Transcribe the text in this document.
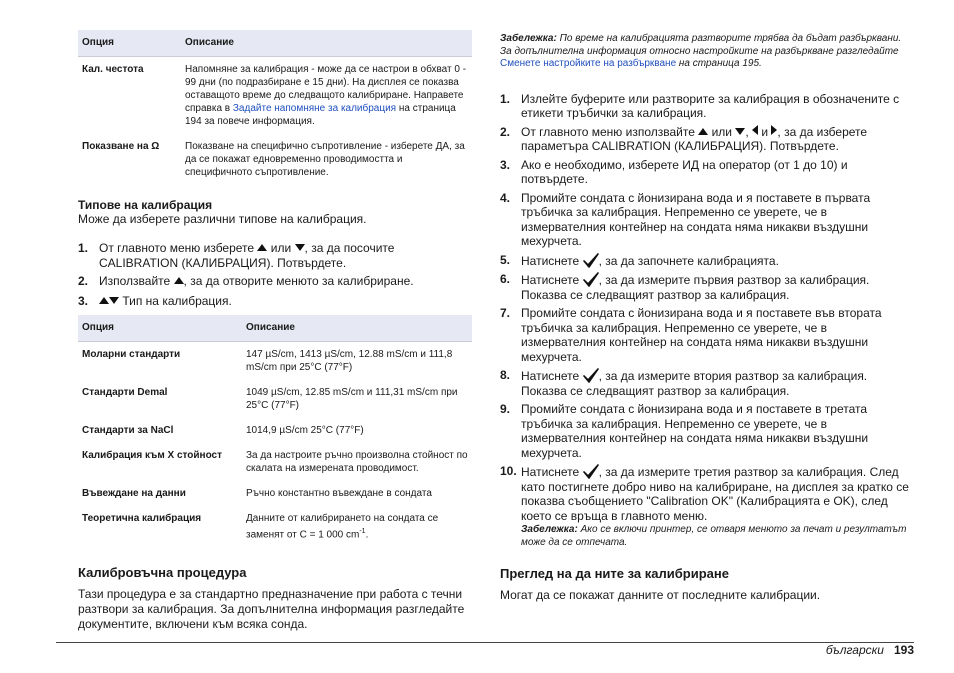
Опция	Описание
Кал. честота	Напомняне за калибрация - може да се настрои в обхват 0 - 99 дни (по подразбиране е 15 дни). На дисплея се показва оставащото време до следващото калибриране. Направете справка в Задайте напомняне за калибрация на страница 194 за повече информация.
Показване на Ω	Показване на специфично съпротивление - изберете ДА, за да се покажат едновременно проводимостта и специфичното съпротивление.
Типове на калибрация

Може да изберете различни типове на калибрация.

1. От главното меню изберете или , за да посочите CALIBRATION (КАЛИБРАЦИЯ). Потвърдете.
2. Използвайте , за да отворите менюто за калибриране.
3.	Тип на калибрация.
Опция	Описание
Моларни стандарти	147 µS/cm, 1413 µS/cm, 12.88 mS/cm и 111,8 mS/cm при 25°C (77°F)
Стандарти Demal	1049 µS/cm, 12.85 mS/cm и 111,31 mS/cm при 25°C (77°F)
Стандарти за NaCl	1014,9 µS/cm 25°C (77°F)
Калибрация към X стойност	За да настроите ръчно произволна стойност по скалата на измерената проводимост.
Въвеждане на данни	Ръчно константно въвеждане в сондата
Теоретична калибрация	Данните от калибрирането на сондата се заменят от C = 1 000 $cm^{-1}$.
Калибровъчна процедура

Тази процедура е за стандартно предназначение при работа с течни разтвори за калибрация. За допълнителна информация разгледайте документите, включени към всяка сонда.

Забележка: По време на калибрацията разтворите трябва да бъдат разбърквани. За допълнителна информация относно настройките на разбъркване разгледайте Сменете настройките на разбъркване на страница 195.
1. Излейте буферите или разтворите за калибрация в обозначените с етикети тръбички за калибрация.
2. От главното меню използвайте или , и , за да изберете параметъра CALIBRATION (КАЛИБРАЦИЯ). Потвърдете.
3. Ако е необходимо, изберете ИД на оператор (от 1 до 10) и потвърдете.
4. Промийте сондата с йонизирана вода и я поставете в първата тръбичка за калибрация. Непременно се уверете, че в измервателния контейнер на сондата няма никакви въздушни мехурчета.
5. Натиснете , за да започнете калибрацията.
6. Натиснете , за да измерите първия разтвор за калибрация. Показва се следващият разтвор за калибрация.
7. Промийте сондата с йонизирана вода и я поставете във втората тръбичка за калибрация. Непременно се уверете, че в измервателния контейнер на сондата няма никакви въздушни мехурчета.
8. Натиснете , за да измерите втория разтвор за калибрация. Показва се следващият разтвор за калибрация.
9. Промийте сондата с йонизирана вода и я поставете в третата тръбичка за калибрация. Непременно се уверете, че в измервателния контейнер на сондата няма никакви въздушни мехурчета.
10. Натиснете , за да измерите третия разтвор за калибрация. След като постигнете добро ниво на калибриране, на дисплея за кратко се показва съобщението "Calibration OK" (Калибрацията е OK), след което се връща в главното меню.
Забележка: Ако се включи принтер, се отваря менюто за печат и резултатът може да се отпечата.
Преглед на да ните за калибриране

Могат да се покажат данните от последните калибрации.

български 193
